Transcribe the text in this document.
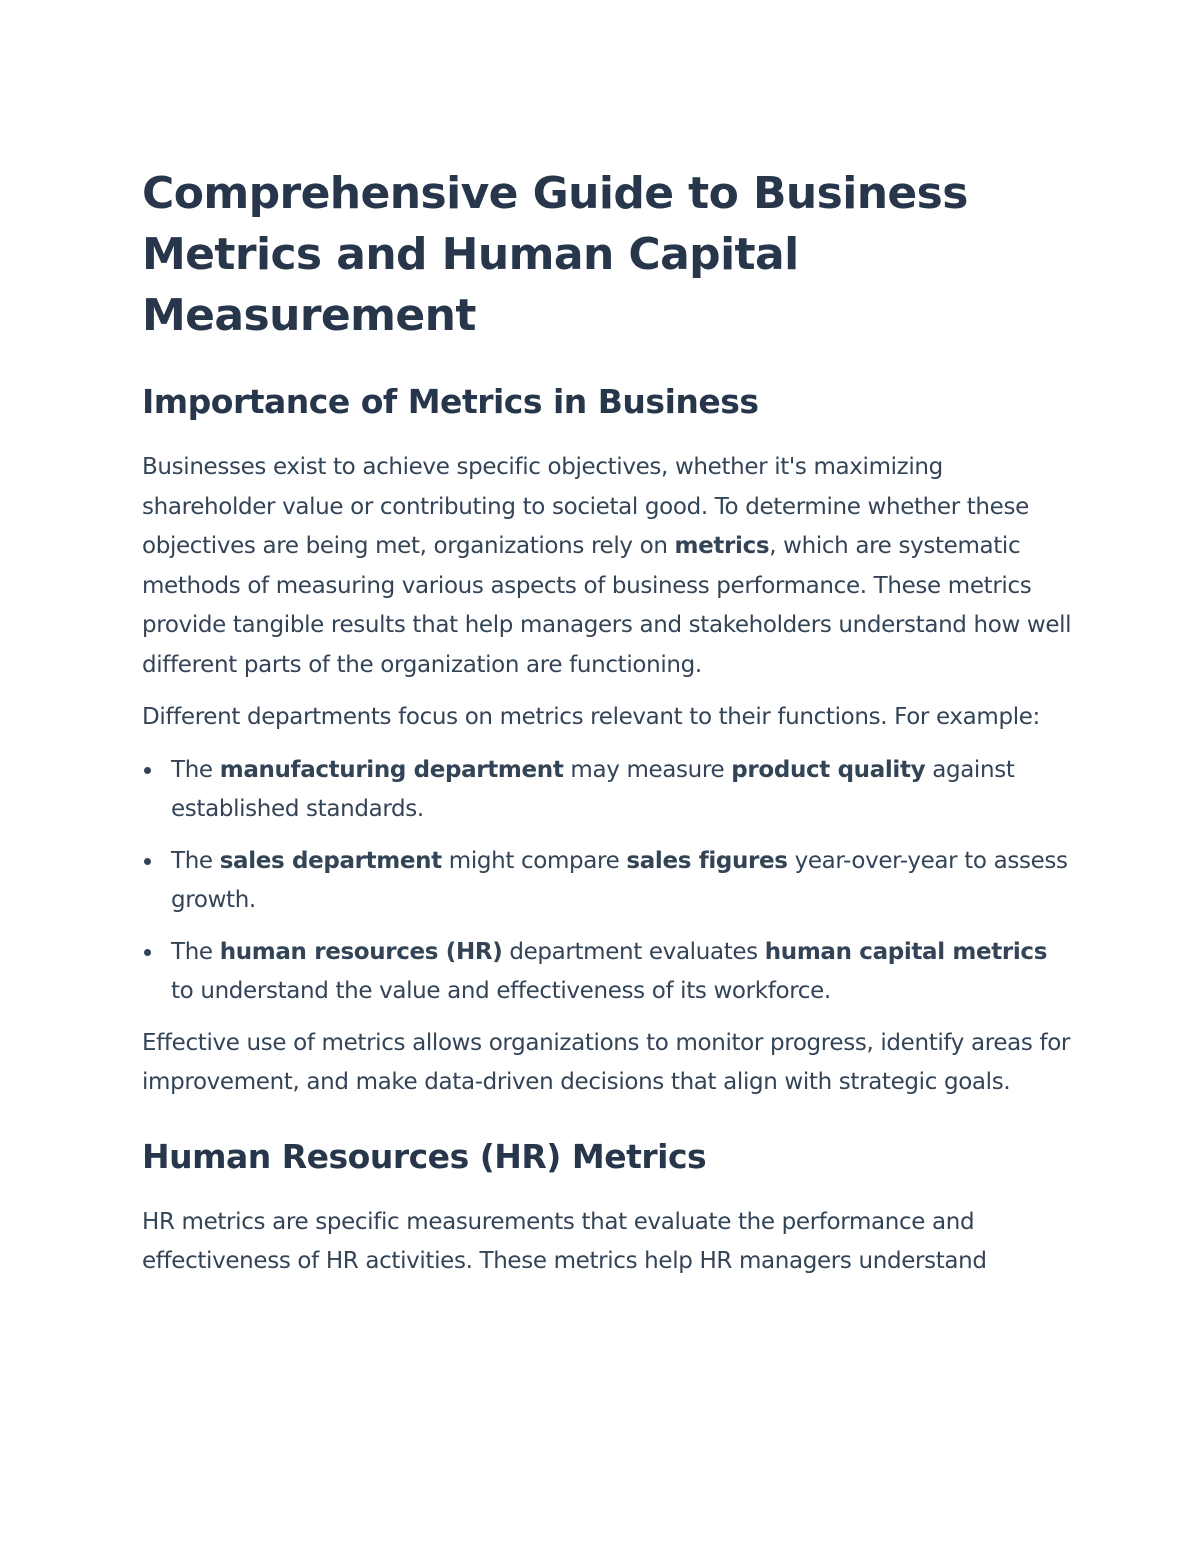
Comprehensive Guide to Business Metrics and Human Capital Measurement
Importance of Metrics in Business

Businesses exist to achieve specific objectives, whether it's maximizing shareholder value or contributing to societal good. To determine whether these objectives are being met, organizations rely on metrics, which are systematic methods of measuring various aspects of business performance. These metrics provide tangible results that help managers and stakeholders understand how well different parts of the organization are functioning.

Different departments focus on metrics relevant to their functions. For example:

The manufacturing department may measure product quality against established standards.
The sales department might compare sales figures year-over-year to assess growth.
The human resources (HR) department evaluates human capital metrics to understand the value and effectiveness of its workforce.

Effective use of metrics allows organizations to monitor progress, identify areas for improvement, and make data-driven decisions that align with strategic goals.

Human Resources (HR) Metrics

HR metrics are specific measurements that evaluate the performance and effectiveness of HR activities. These metrics help HR managers understand
